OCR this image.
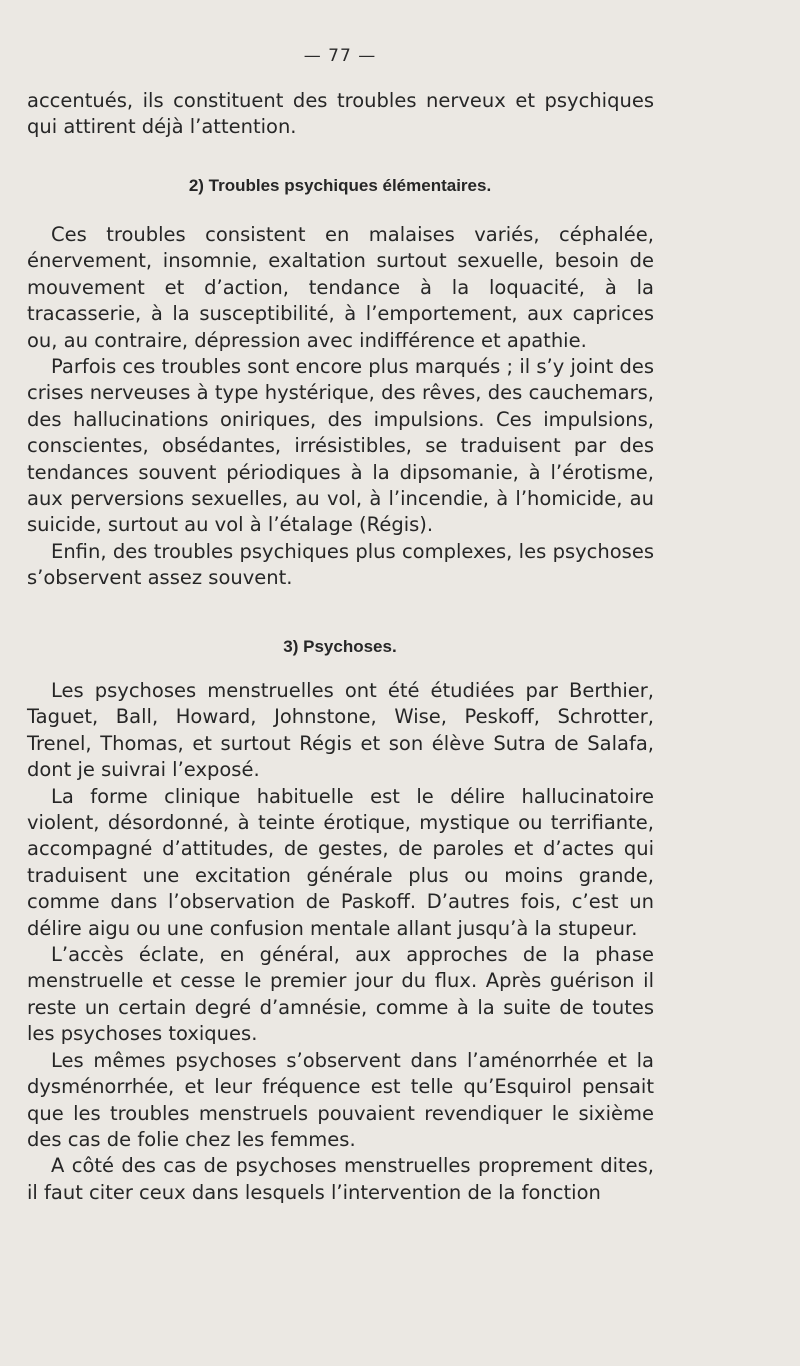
— 77 —

accentués, ils constituent des troubles nerveux et psychiques qui attirent déjà l’attention.

2) Troubles psychiques élémentaires.

Ces troubles consistent en malaises variés, céphalée, énervement, insomnie, exaltation surtout sexuelle, besoin de mouvement et d’action, tendance à la loquacité, à la tracasserie, à la susceptibilité, à l’emportement, aux caprices ou, au contraire, dépression avec indifférence et apathie.

Parfois ces troubles sont encore plus marqués ; il s’y joint des crises nerveuses à type hystérique, des rêves, des cauchemars, des hallucinations oniriques, des impulsions. Ces impulsions, conscientes, obsédantes, irrésistibles, se traduisent par des tendances souvent périodiques à la dipsomanie, à l’érotisme, aux perversions sexuelles, au vol, à l’incendie, à l’homicide, au suicide, surtout au vol à l’étalage (Régis).

Enfin, des troubles psychiques plus complexes, les psychoses s’observent assez souvent.

3) Psychoses.

Les psychoses menstruelles ont été étudiées par Berthier, Taguet, Ball, Howard, Johnstone, Wise, Peskoff, Schrotter, Trenel, Thomas, et surtout Régis et son élève Sutra de Salafa, dont je suivrai l’exposé.

La forme clinique habituelle est le délire hallucinatoire violent, désordonné, à teinte érotique, mystique ou terrifiante, accompagné d’attitudes, de gestes, de paroles et d’actes qui traduisent une excitation générale plus ou moins grande, comme dans l’observation de Paskoff. D’autres fois, c’est un délire aigu ou une confusion mentale allant jusqu’à la stupeur.

L’accès éclate, en général, aux approches de la phase menstruelle et cesse le premier jour du flux. Après guérison il reste un certain degré d’amnésie, comme à la suite de toutes les psychoses toxiques.

Les mêmes psychoses s’observent dans l’aménorrhée et la dysménorrhée, et leur fréquence est telle qu’Esquirol pensait que les troubles menstruels pouvaient revendiquer le sixième des cas de folie chez les femmes.

A côté des cas de psychoses menstruelles proprement dites, il faut citer ceux dans lesquels l’intervention de la fonction
